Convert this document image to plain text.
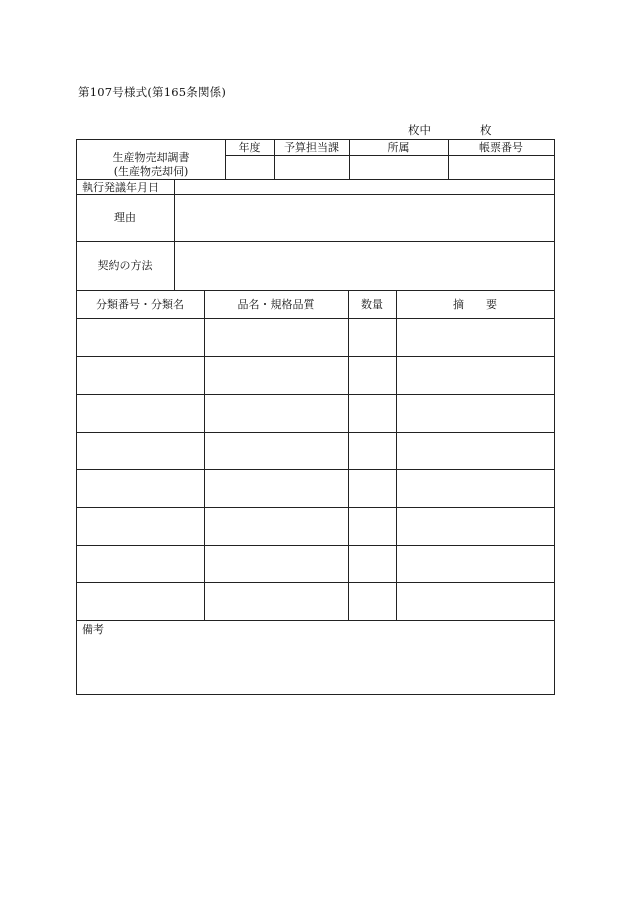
第107号様式(第165条関係)
枚中	枚
生産物売却調書
(生産物売却伺)
年度	予算担当課	所属	帳票番号
執行発議年月日
理由
契約の方法
分類番号・分類名	品名・規格品質	数量	摘　　要
備考
